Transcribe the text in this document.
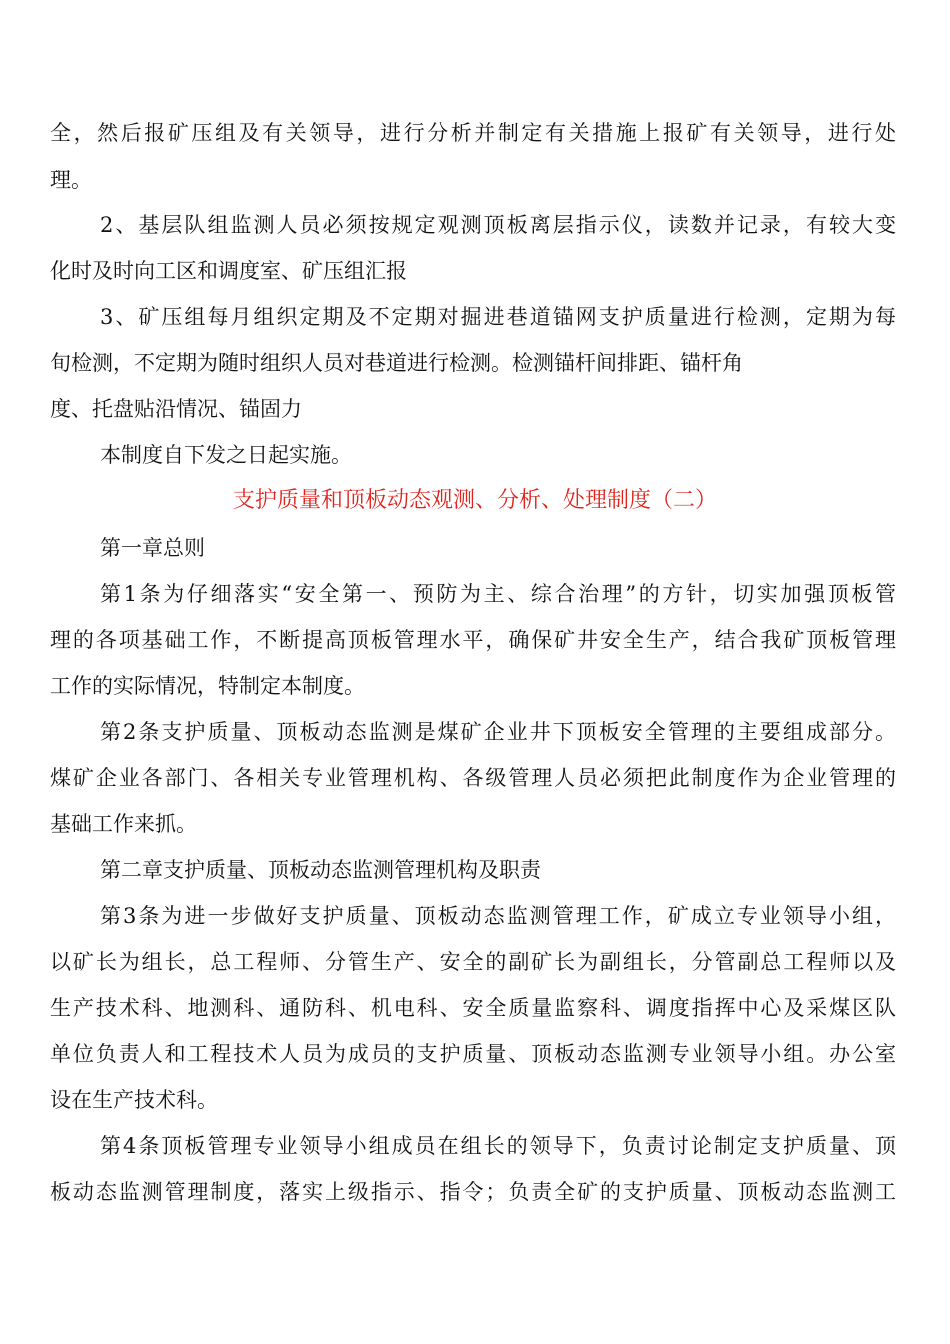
全，然后报矿压组及有关领导，进行分析并制定有关措施上报矿有关领导，进行处
理。
2、基层队组监测人员必须按规定观测顶板离层指示仪，读数并记录，有较大变
化时及时向工区和调度室、矿压组汇报
3、矿压组每月组织定期及不定期对掘进巷道锚网支护质量进行检测，定期为每
旬检测，不定期为随时组织人员对巷道进行检测。检测锚杆间排距、锚杆角
度、托盘贴沿情况、锚固力
本制度自下发之日起实施。
支护质量和顶板动态观测、分析、处理制度（二）
第一章总则
第1条为仔细落实“安全第一、预防为主、综合治理”的方针，切实加强顶板管
理的各项基础工作，不断提高顶板管理水平，确保矿井安全生产，结合我矿顶板管理
工作的实际情况，特制定本制度。
第2条支护质量、顶板动态监测是煤矿企业井下顶板安全管理的主要组成部分。
煤矿企业各部门、各相关专业管理机构、各级管理人员必须把此制度作为企业管理的
基础工作来抓。
第二章支护质量、顶板动态监测管理机构及职责
第3条为进一步做好支护质量、顶板动态监测管理工作，矿成立专业领导小组，
以矿长为组长，总工程师、分管生产、安全的副矿长为副组长，分管副总工程师以及
生产技术科、地测科、通防科、机电科、安全质量监察科、调度指挥中心及采煤区队
单位负责人和工程技术人员为成员的支护质量、顶板动态监测专业领导小组。办公室
设在生产技术科。
第4条顶板管理专业领导小组成员在组长的领导下，负责讨论制定支护质量、顶
板动态监测管理制度，落实上级指示、指令；负责全矿的支护质量、顶板动态监测工
